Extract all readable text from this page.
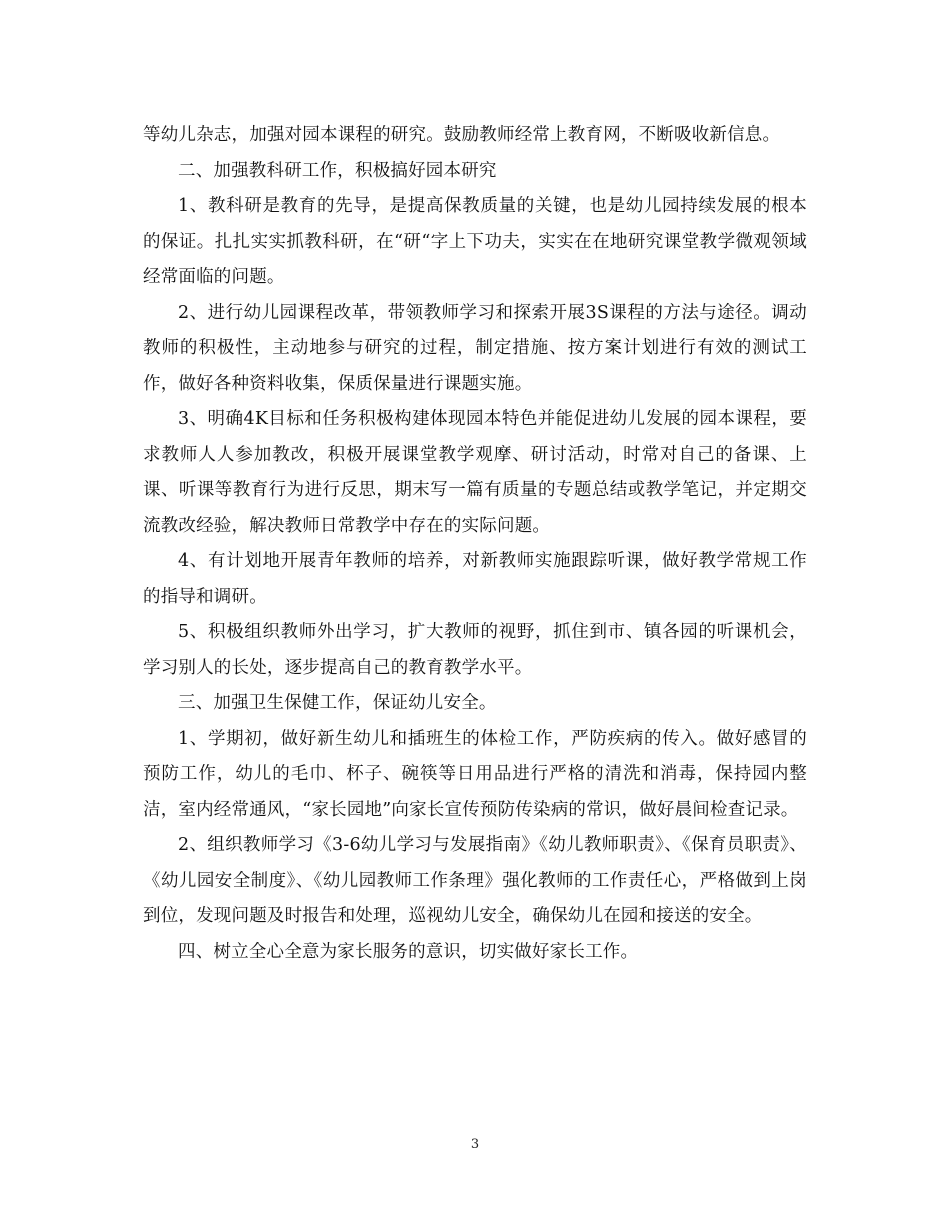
等幼儿杂志，加强对园本课程的研究。鼓励教师经常上教育网，不断吸收新信息。

二、加强教科研工作，积极搞好园本研究

1、教科研是教育的先导，是提高保教质量的关键，也是幼儿园持续发展的根本的保证。扎扎实实抓教科研，在“研“字上下功夫，实实在在地研究课堂教学微观领域经常面临的问题。

2、进行幼儿园课程改革，带领教师学习和探索开展3S课程的方法与途径。调动教师的积极性，主动地参与研究的过程，制定措施、按方案计划进行有效的测试工作，做好各种资料收集，保质保量进行课题实施。

3、明确4K目标和任务积极构建体现园本特色并能促进幼儿发展的园本课程，要求教师人人参加教改，积极开展课堂教学观摩、研讨活动，时常对自己的备课、上课、听课等教育行为进行反思，期末写一篇有质量的专题总结或教学笔记，并定期交流教改经验，解决教师日常教学中存在的实际问题。

4、有计划地开展青年教师的培养，对新教师实施跟踪听课，做好教学常规工作的指导和调研。

5、积极组织教师外出学习，扩大教师的视野，抓住到市、镇各园的听课机会，学习别人的长处，逐步提高自己的教育教学水平。

三、加强卫生保健工作，保证幼儿安全。

1、学期初，做好新生幼儿和插班生的体检工作，严防疾病的传入。做好感冒的预防工作，幼儿的毛巾、杯子、碗筷等日用品进行严格的清洗和消毒，保持园内整洁，室内经常通风，“家长园地”向家长宣传预防传染病的常识，做好晨间检查记录。

2、组织教师学习《3-6幼儿学习与发展指南》《幼儿教师职责》、《保育员职责》、《幼儿园安全制度》、《幼儿园教师工作条理》强化教师的工作责任心，严格做到上岗到位，发现问题及时报告和处理，巡视幼儿安全，确保幼儿在园和接送的安全。

四、树立全心全意为家长服务的意识，切实做好家长工作。

3
